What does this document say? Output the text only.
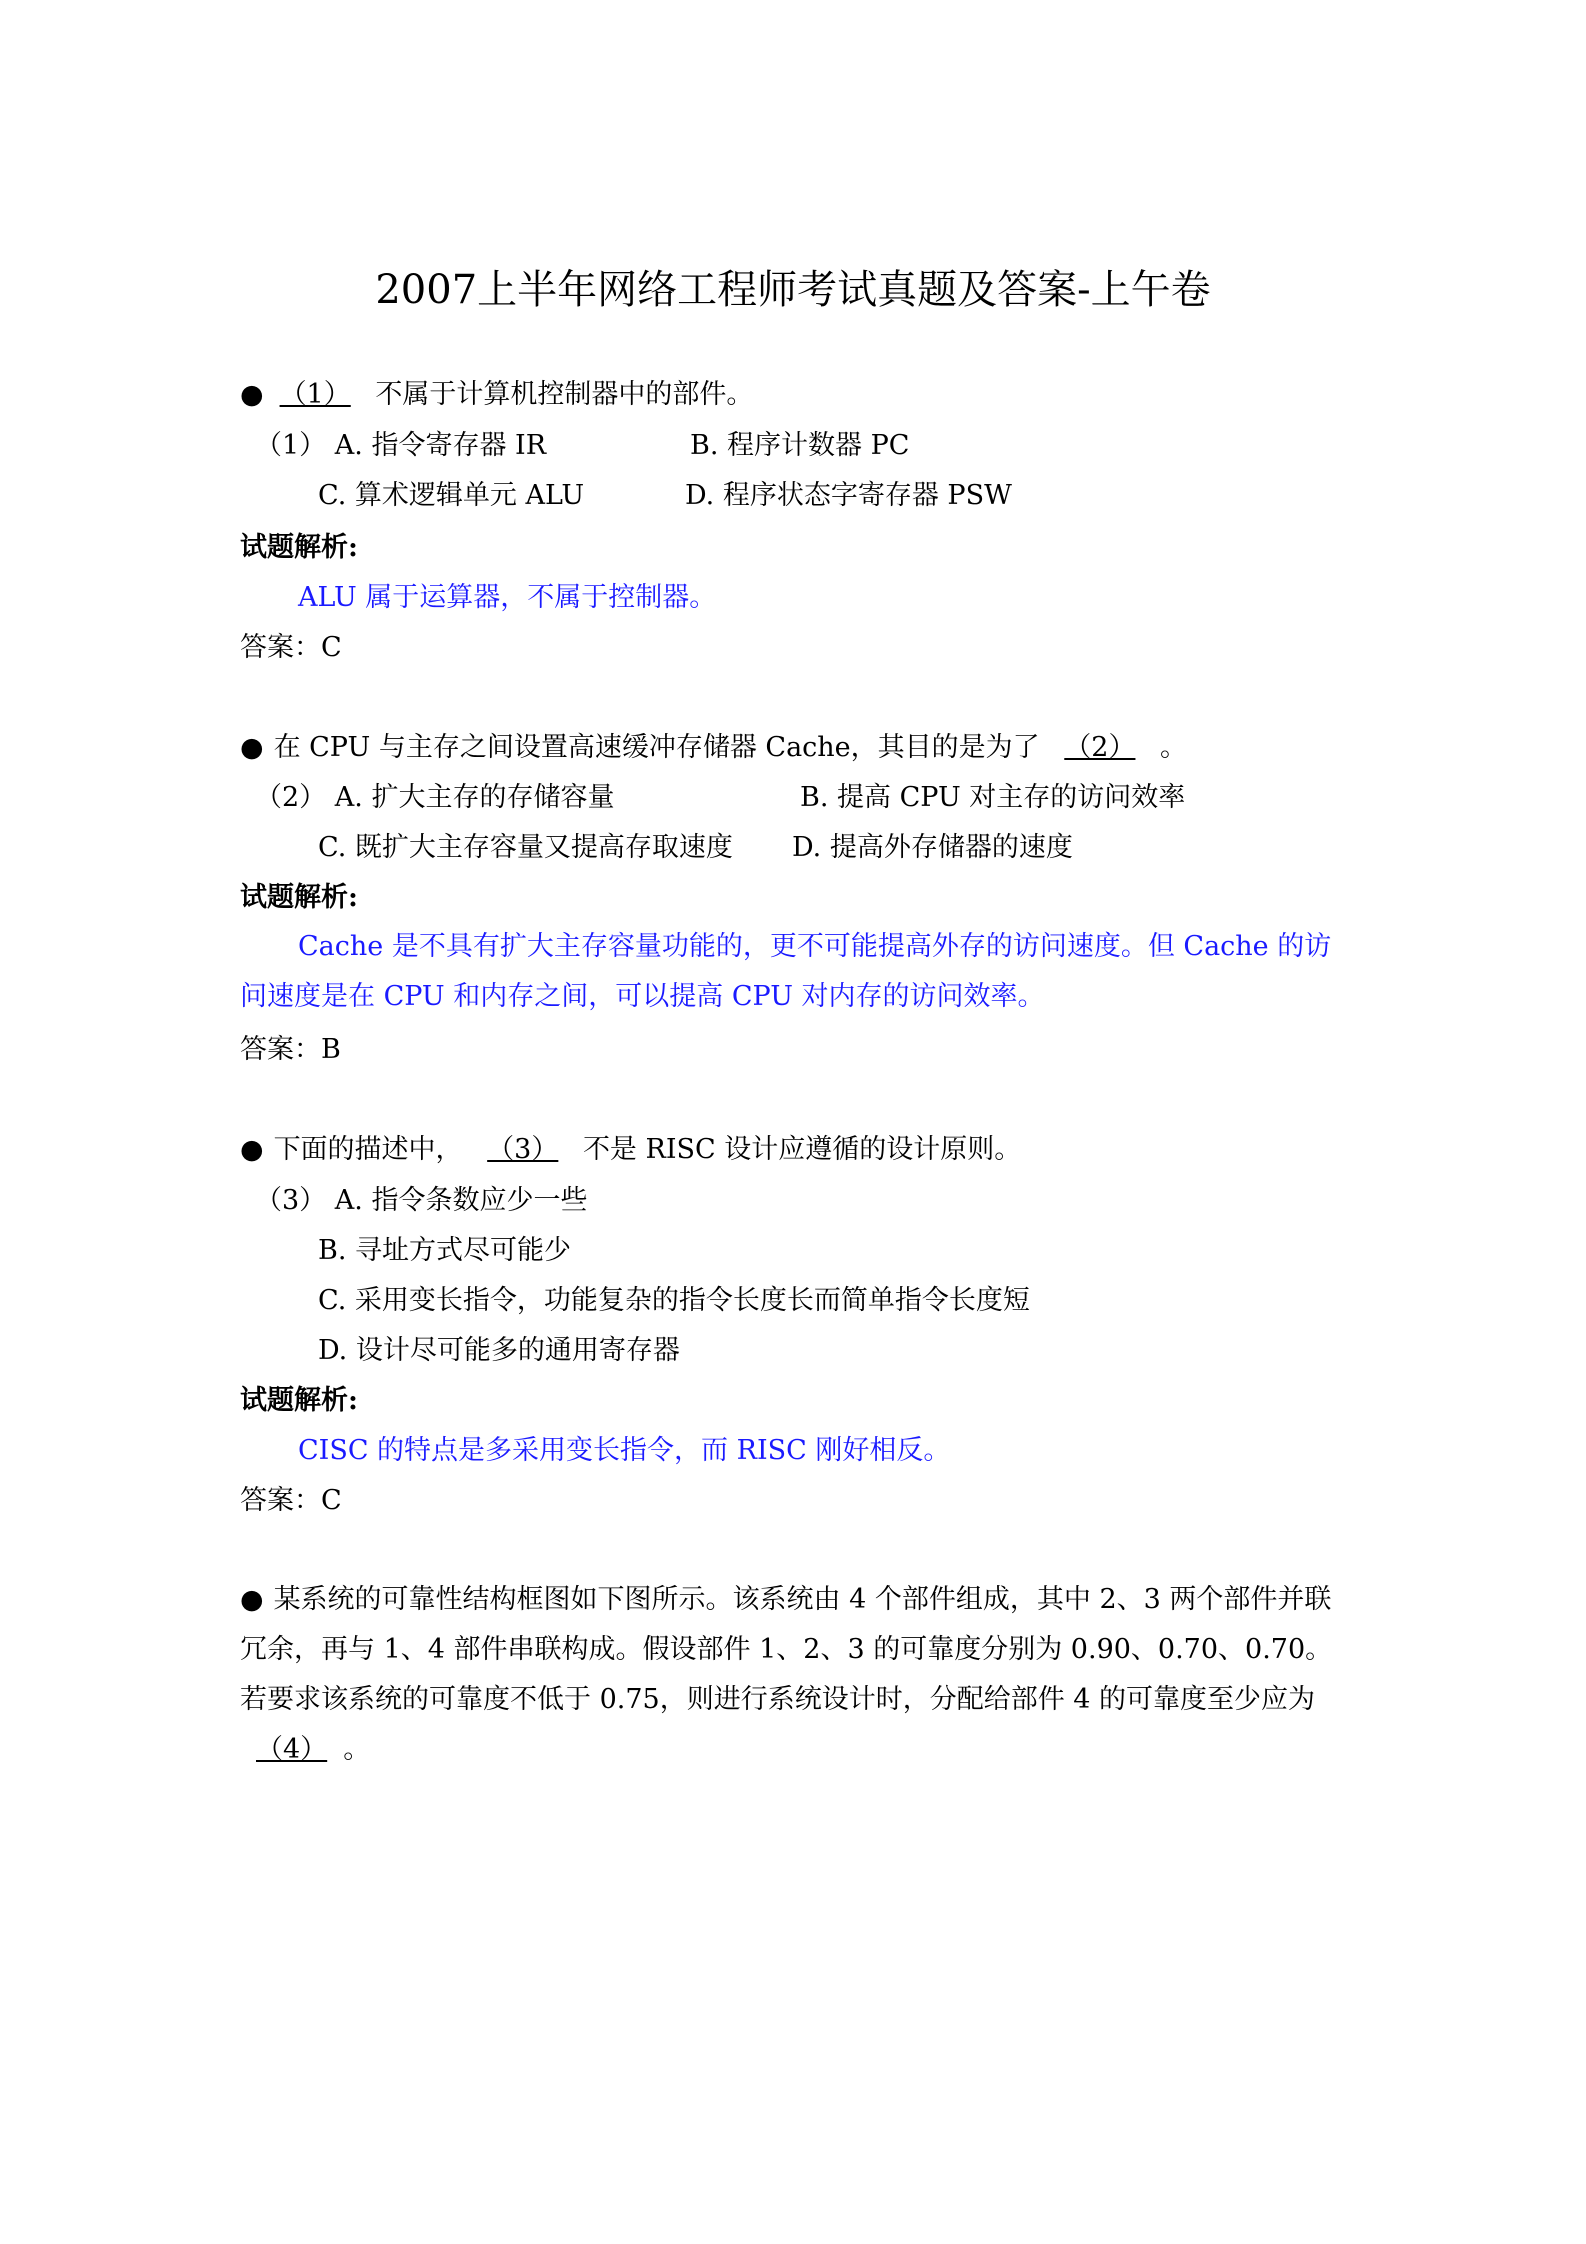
2007上半年网络工程师考试真题及答案-上午卷
● （1） 不属于计算机控制器中的部件。
（1） A. 指令寄存器 IR	B. 程序计数器 PC
C. 算术逻辑单元 ALU	D. 程序状态字寄存器 PSW
试题解析:
ALU 属于运算器，不属于控制器。
答案：C
● 在 CPU 与主存之间设置高速缓冲存储器 Cache，其目的是为了 （2） 。
（2） A. 扩大主存的存储容量	B. 提高 CPU 对主存的访问效率
C. 既扩大主存容量又提高存取速度 D. 提高外存储器的速度
试题解析:
Cache 是不具有扩大主存容量功能的，更不可能提高外存的访问速度。但 Cache 的访问速度是在 CPU 和内存之间，可以提高 CPU 对内存的访问效率。
答案：B
● 下面的描述中， （3） 不是 RISC 设计应遵循的设计原则。
（3） A. 指令条数应少一些
B. 寻址方式尽可能少
C. 采用变长指令，功能复杂的指令长度长而简单指令长度短
D. 设计尽可能多的通用寄存器
试题解析:
CISC 的特点是多采用变长指令，而 RISC 刚好相反。
答案：C
● 某系统的可靠性结构框图如下图所示。该系统由 4 个部件组成，其中 2、3 两个部件并联冗余，再与 1、4 部件串联构成。假设部件 1、2、3 的可靠度分别为 0.90、0.70、0.70。若要求该系统的可靠度不低于 0.75，则进行系统设计时，分配给部件 4 的可靠度至少应为（4） 。
